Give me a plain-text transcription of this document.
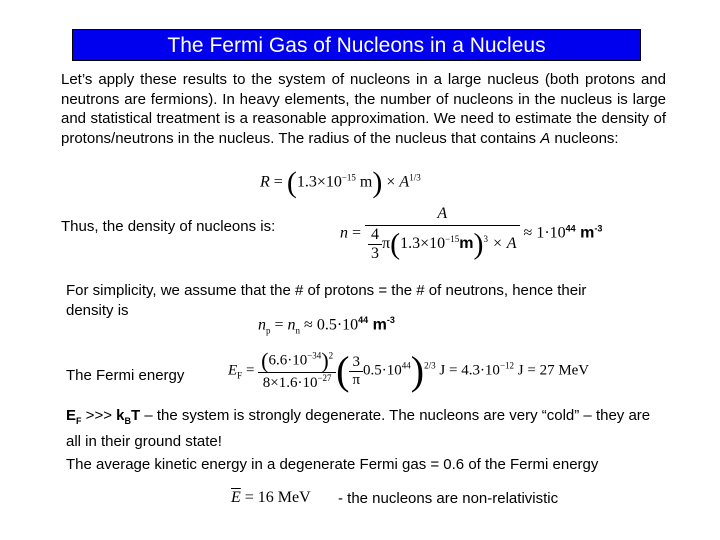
The Fermi Gas of Nucleons in a Nucleus
Let’s apply these results to the system of nucleons in a large nucleus (both protons and neutrons are fermions). In heavy elements, the number of nucleons in the nucleus is large and statistical treatment is a reasonable approximation. We need to estimate the density of protons/neutrons in the nucleus. The radius of the nucleus that contains A nucleons:
$R = (1.3\times 10^{-15}$ $m) \times A^{1/3}$
Thus, the density of nucleons is:	$n = \frac{A}{\frac{4}{3} \pi(1.3\times 10^{-15}m)^3 \times A} \approx 1\cdot 10^{44}$ $m^{-3}$
For simplicity, we assume that the # of protons = the # of neutrons, hence their density is
$n_p = n_n \approx 0.5\cdot 10^{44}$ $m^{-3}$
The Fermi energy	$E_F = \frac{(6.6\cdot 10^{-34})^2}{8\times 1.6\cdot 10^{-27}}$ ( $\frac{3}{\pi} 0.5\cdot 10^{44})^{2/3}$ $J = 4.3\cdot 10^{-12}$ J = 27 MeV
$E_F$ >>> $k_BT$ – the system is strongly degenerate. The nucleons are very “cold” – they are all in their ground state!
The average kinetic energy in a degenerate Fermi gas = 0.6 of the Fermi energy
$\overline{E} = 16$ MeV - the nucleons are non-relativistic
